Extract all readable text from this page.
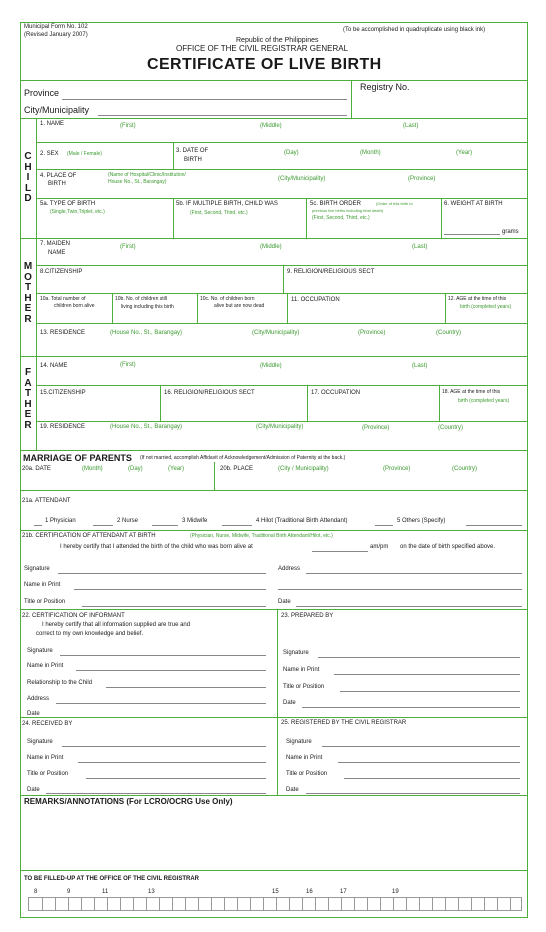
Municipal Form No. 102
(Revised January 2007)
(To be accomplished in quadruplicate using black ink)
Republic of the Philippines
OFFICE OF THE CIVIL REGISTRAR GENERAL
CERTIFICATE OF LIVE BIRTH
Province
City/Municipality
Registry No.
C
H
I
L
D
1. NAME	(First)	(Middle)	(Last)
2. SEX (Male / Female)	3. DATE OF
BIRTH
(Day)	(Month)	(Year)
4. PLACE OF
BIRTH
(Name of Hospital/Clinic/Institution/
House No., St., Barangay)	(City/Municipality)	(Province)
5a. TYPE OF BIRTH
(Single,Twin,Triplet, etc.)
5b. IF MULTIPLE BIRTH, CHILD WAS
(First, Second, Third, etc.)
5c. BIRTH ORDER	(Order of this birth to
previous live births including fetal death)
(First, Second, Third, etc.)
6. WEIGHT AT BIRTH
grams
M
O
T
H
E
R
7. MAIDEN
NAME
(First)	(Middle)	(Last)
8.CITIZENSHIP	9. RELIGION/RELIGIOUS SECT
10a. Total number of
children born alive
10b. No. of children still
living including this birth
10c. No. of children born
alive but are now dead
11. OCCUPATION	12. AGE at the time of this
birth (completed years)
13. RESIDENCE	(House No., St., Barangay)	(City/Municipality)	(Province)	(Country)
F
A
T
H
E
R
14. NAME	(First)	(Middle)	(Last)
15.CITIZENSHIP	16. RELIGION/RELIGIOUS SECT	17. OCCUPATION	18. AGE at the time of this
birth (completed years)
19. RESIDENCE	(House No., St., Barangay)	(City/Municipality)	(Province)	(Country)
MARRIAGE OF PARENTS (If not married, accomplish Affidavit of Acknowledgement/Admission of Paternity at the back.)
20a. DATE	(Month)	(Day)	(Year)	20b. PLACE	(City / Municipality)	(Province)	(Country)
21a. ATTENDANT
1 Physician	2 Nurse	3 Midwife	4 Hilot (Traditional Birth Attendant)	5 Others (Specify)
21b. CERTIFICATION OF ATTENDANT AT BIRTH	(Physician, Nurse, Midwife, Traditional Birth Attendant/Hilot, etc.)
I hereby certify that I attended the birth of the child who was born alive at	am/pm on the date of birth specified above.
Signature	Address
Name in Print
Title or Position	Date
22. CERTIFICATION OF INFORMANT
I hereby certify that all information supplied are true and
correct to my own knowledge and belief.
Signature
Name in Print
Relationship to the Child
Address
Date
23. PREPARED BY
Signature
Name in Print
Title or Position
Date
24. RECEIVED BY
Signature
Name in Print
Title or Position
Date
25. REGISTERED BY THE CIVIL REGISTRAR
Signature
Name in Print
Title or Position
Date
REMARKS/ANNOTATIONS (For LCRO/OCRG Use Only)
TO BE FILLED-UP AT THE OFFICE OF THE CIVIL REGISTRAR
8	9	11	13	15	16	17	19
